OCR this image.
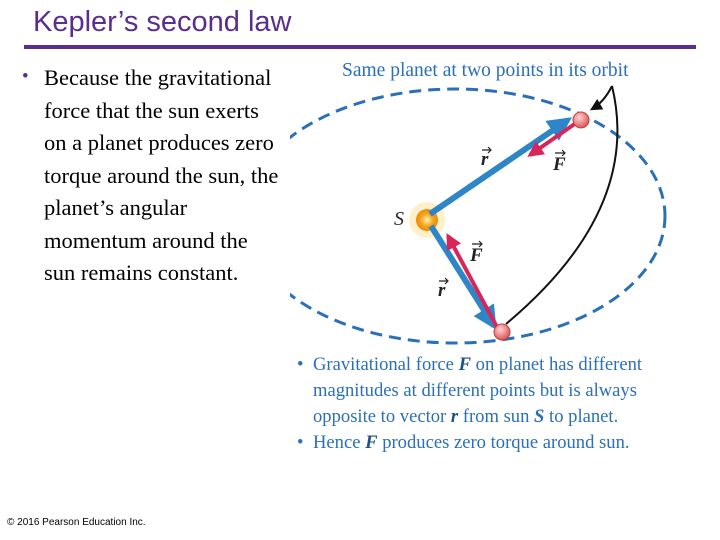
Kepler’s second law
• Because the gravitational
force that the sun exerts
on a planet produces zero
torque around the sun, the
planet’s angular
momentum around the
sun remains constant.
S
r	F
F
r
Same planet at two points in its orbit
• Gravitational force F on planet has different
magnitudes at different points but is always
opposite to vector r from sun S to planet.
• Hence F produces zero torque around sun.
© 2016 Pearson Education Inc.
